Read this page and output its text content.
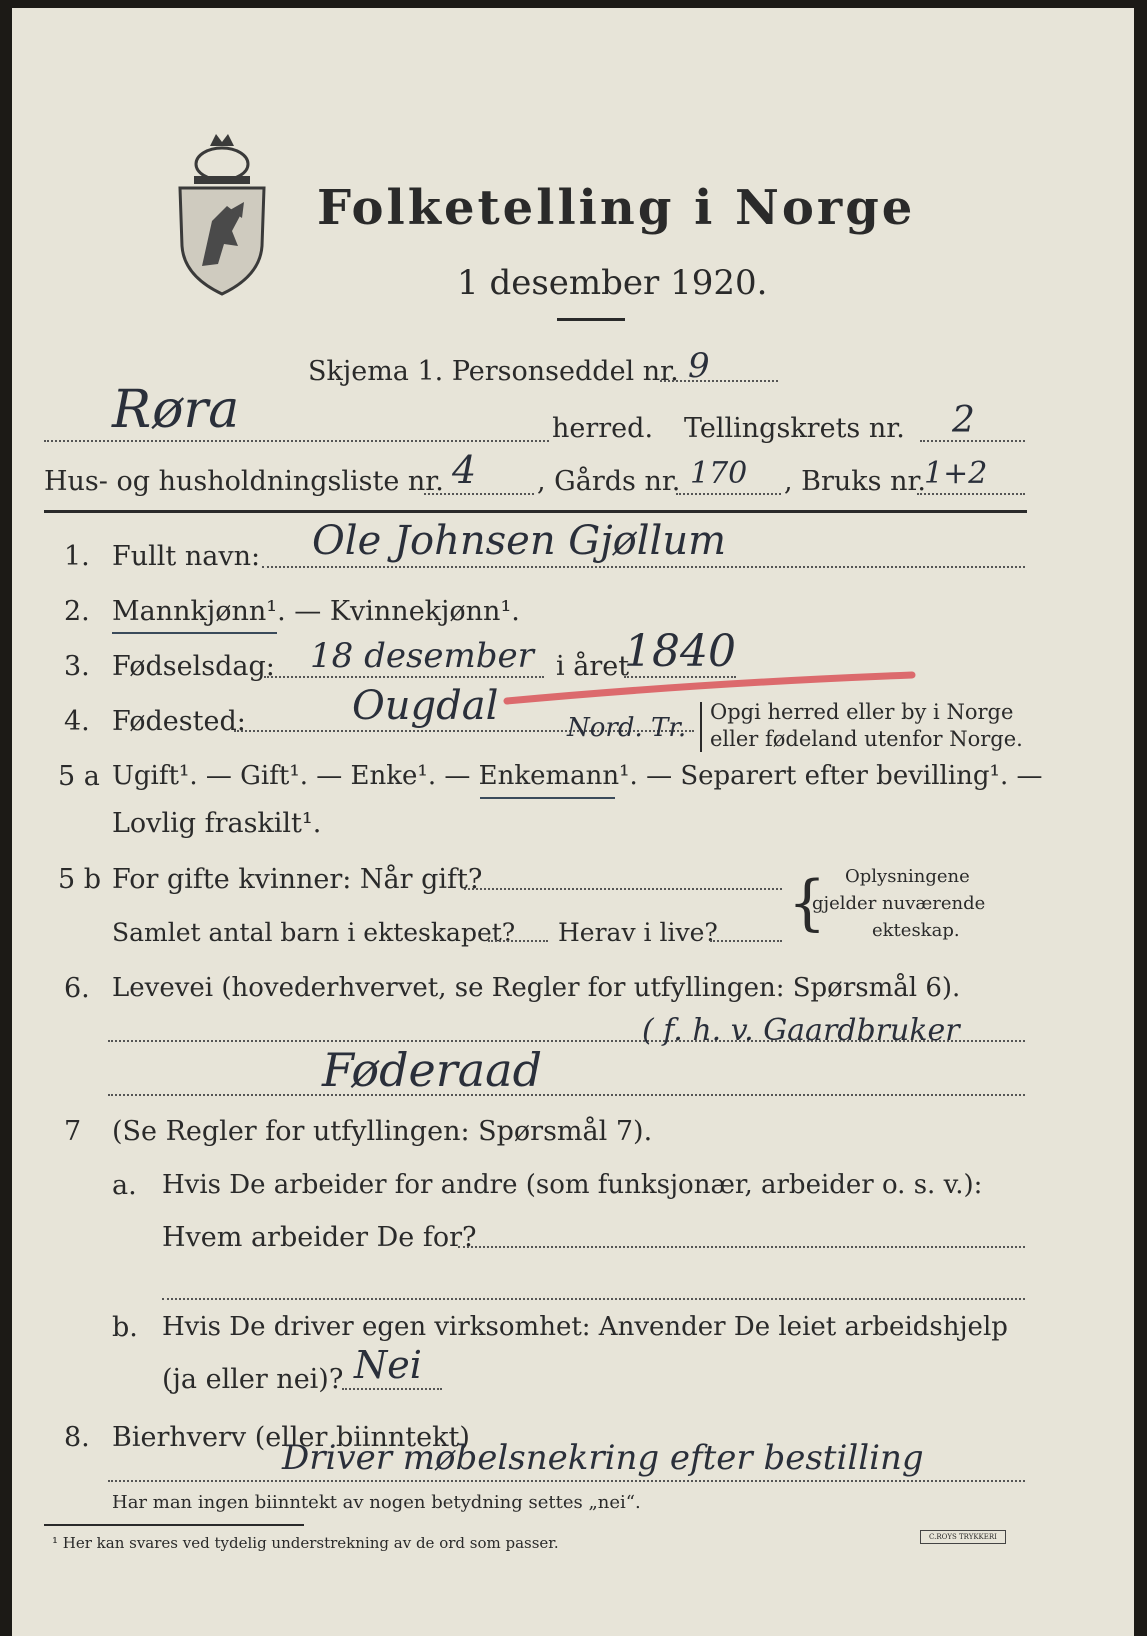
Folketelling i Norge
1 desember 1920.
Skjema 1. Personseddel nr. 9
Røra	herred. Tellingskrets nr. 2
Hus- og husholdningsliste nr. 4 , Gårds nr. 170 , Bruks nr.
1+2
1. Fullt navn: Ole Johnsen Gjøllum
2. Mannkjønn¹. — Kvinnekjønn¹.
3. Fødselsdag: 18 desember i året
1840
4. Fødested:	Ougdal	Nord. Tr.
Opgi herred eller by i Norge
eller fødeland utenfor Norge.
5 a Ugift¹. — Gift¹. — Enke¹. — Enkemann¹. — Separert efter bevilling¹. —
Lovlig fraskilt¹.
5 b For gifte kvinner: Når gift?
Samlet antal barn i ekteskapet? Herav i live? { Oplysningene
gjelder nuværende
ekteskap.
6. Levevei (hovederhvervet, se Regler for utfyllingen: Spørsmål 6).
Føderaad
( f. h. v. Gaardbruker
7 (Se Regler for utfyllingen: Spørsmål 7).
a. Hvis De arbeider for andre (som funksjonær, arbeider o. s. v.):
Hvem arbeider De for?
b. Hvis De driver egen virksomhet: Anvender De leiet arbeidshjelp
(ja eller nei)? Nei
8. Bierhverv (eller biinntekt)
Driver møbelsnekring efter bestilling
Har man ingen biinntekt av nogen betydning settes „nei“.
¹ Her kan svares ved tydelig understrekning av de ord som passer.	C.ROYS TRYKKERI
